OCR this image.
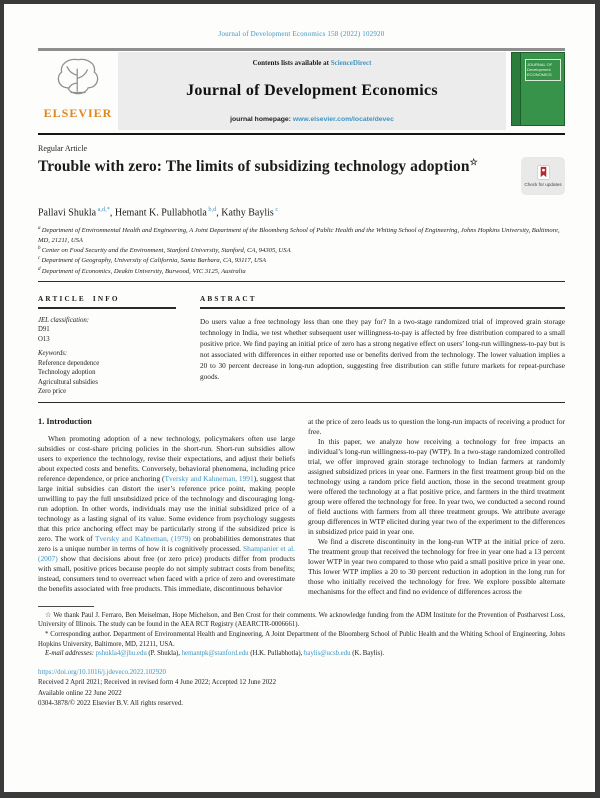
Journal of Development Economics 158 (2022) 102920
ELSEVIER
Contents lists available at ScienceDirect
Journal of Development Economics
journal homepage: www.elsevier.com/locate/devec
JOURNAL OF
Development
ECONOMICS
Regular Article
Trouble with zero: The limits of subsidizing technology adoption☆
Check for updates
Pallavi Shukla $^{a,d,*}$, Hemant K. Pullabhotla $^{b,d}$, Kathy Baylis $^c$
$^a$ Department of Environmental Health and Engineering, A Joint Department of the Bloomberg School of Public Health and the Whiting School of Engineering, Johns Hopkins University, Baltimore, MD, 21211, USA
$^b$ Center on Food Security and the Environment, Stanford University, Stanford, CA, 94305, USA
$^c$ Department of Geography, University of California, Santa Barbara, CA, 93117, USA
$^d$ Department of Economics, Deakin University, Burwood, VIC 3125, Australia
ARTICLE INFO
JEL classification:
D91
O13
Keywords:
Reference dependence
Technology adoption
Agricultural subsidies
Zero price
ABSTRACT

Do users value a free technology less than one they pay for? In a two-stage randomized trial of improved grain storage technology in India, we test whether subsequent user willingness-to-pay is affected by free distribution compared to a small positive price. We find paying an initial price of zero has a strong negative effect on users’ long-run willingness-to-pay but is not associated with differences in either reported use or benefits derived from the technology. The lower valuation implies a 20 to 30 percent decrease in long-run adoption, suggesting free distribution can stifle future markets for repeat-purchase goods.

1. Introduction

When promoting adoption of a new technology, policymakers often use large subsidies or cost-share pricing policies in the short-run. Short-run subsidies allow users to experience the technology, revise their expectations, and adjust their beliefs about expected costs and benefits. Conversely, behavioral phenomena, including price reference dependence, or price anchoring (Tversky and Kahneman, 1991), suggest that large initial subsidies can distort the user’s reference price point, making people unwilling to pay the full unsubsidized price of the technology and discouraging long-run adoption. In other words, individuals may use the initial subsidized price of a technology as a lasting signal of its value. Some evidence from psychology suggests that this price anchoring effect may be particularly strong if the subsidized price is zero. The work of Tversky and Kahneman, (1979) on probabilities demonstrates that zero is a unique number in terms of how it is cognitively processed. Shampanier et al. (2007) show that decisions about free (or zero price) products differ from products with small, positive prices because people do not simply subtract costs from benefits; instead, consumers tend to overreact when faced with a price of zero and overestimate the benefits associated with free products. This immediate, discontinuous behavior

at the price of zero leads us to question the long-run impacts of receiving a product for free.

In this paper, we analyze how receiving a technology for free impacts an individual’s long-run willingness-to-pay (WTP). In a two-stage randomized controlled trial, we offer improved grain storage technology to Indian farmers at randomly assigned subsidized prices in year one. Farmers in the first treatment group bid on the technology using a random price field auction, those in the second treatment group were offered the technology at a flat positive price, and farmers in the third treatment group were offered the technology for free. In year two, we conducted a second round of field auctions with farmers from all three treatment groups. We attribute average group differences in WTP elicited during year two of the experiment to the differences in subsidized price paid in year one.

We find a discrete discontinuity in the long-run WTP at the initial price of zero. The treatment group that received the technology for free in year one had a 13 percent lower WTP in year two compared to those who paid a small positive price in year one. This lower WTP implies a 20 to 30 percent reduction in adoption in the long run for those who initially received the technology for free. We explore possible alternate mechanisms for the effect and find no evidence of differences across the

☆ We thank Paul J. Ferraro, Ben Meiselman, Hope Michelson, and Ben Crost for their comments. We acknowledge funding from the ADM Institute for the Prevention of Postharvest Loss, University of Illinois. The study can be found in the AEA RCT Registry (AEARCTR-0006661).

* Corresponding author. Department of Environmental Health and Engineering, A Joint Department of the Bloomberg School of Public Health and the Whiting School of Engineering, Johns Hopkins University, Baltimore, MD, 21211, USA.

E-mail addresses: pshukla4@jhu.edu (P. Shukla), hemantpk@stanford.edu (H.K. Pullabhotla), baylis@ucsb.edu (K. Baylis).

https://doi.org/10.1016/j.jdeveco.2022.102920
Received 2 April 2021; Received in revised form 4 June 2022; Accepted 12 June 2022
Available online 22 June 2022
0304-3878/© 2022 Elsevier B.V. All rights reserved.
